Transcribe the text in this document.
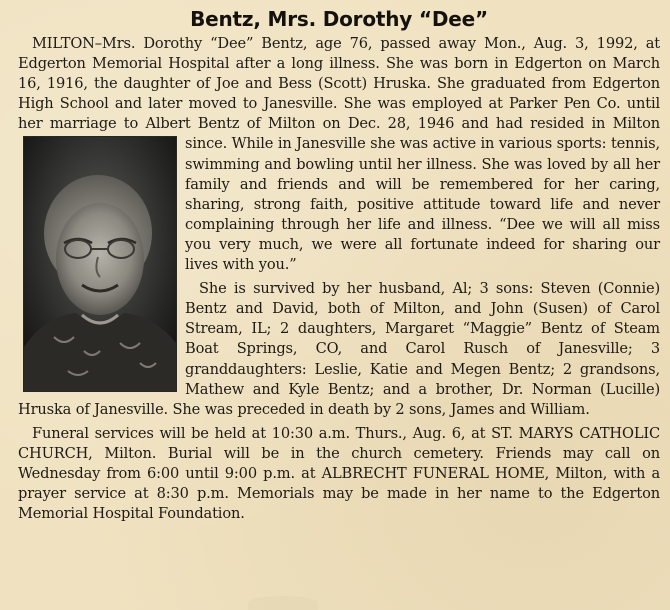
Bentz, Mrs. Dorothy “Dee”

MILTON–Mrs. Dorothy “Dee” Bentz, age 76, passed away Mon., Aug. 3, 1992, at Edgerton Memorial Hospital after a long illness. She was born in Edgerton on March 16, 1916, the daughter of Joe and Bess (Scott) Hruska. She graduated from Edgerton High School and later moved to Janesville. She was employed at Parker Pen Co. until her marriage to Albert Bentz of Milton on Dec. 28, 1946 and had resided in Milton since. While in Janesville she was active in various sports: tennis, swimming and bowling until her illness. She was loved by all her family and friends and will be remembered for her caring, sharing, strong faith, positive attitude toward life and never complaining through her life and illness. “Dee we will all miss you very much, we were all fortunate indeed for sharing our lives with you.”

She is survived by her husband, Al; 3 sons: Steven (Connie) Bentz and David, both of Milton, and John (Susen) of Carol Stream, IL; 2 daughters, Margaret “Maggie” Bentz of Steam Boat Springs, CO, and Carol Rusch of Janesville; 3 granddaughters: Leslie, Katie and Megen Bentz; 2 grandsons, Mathew and Kyle Bentz; and a brother, Dr. Norman (Lucille) Hruska of Janesville. She was preceded in death by 2 sons, James and William.

Funeral services will be held at 10:30 a.m. Thurs., Aug. 6, at ST. MARYS CATHOLIC CHURCH, Milton. Burial will be in the church cemetery. Friends may call on Wednesday from 6:00 until 9:00 p.m. at ALBRECHT FUNERAL HOME, Milton, with a prayer service at 8:30 p.m. Memorials may be made in her name to the Edgerton Memorial Hospital Foundation.
